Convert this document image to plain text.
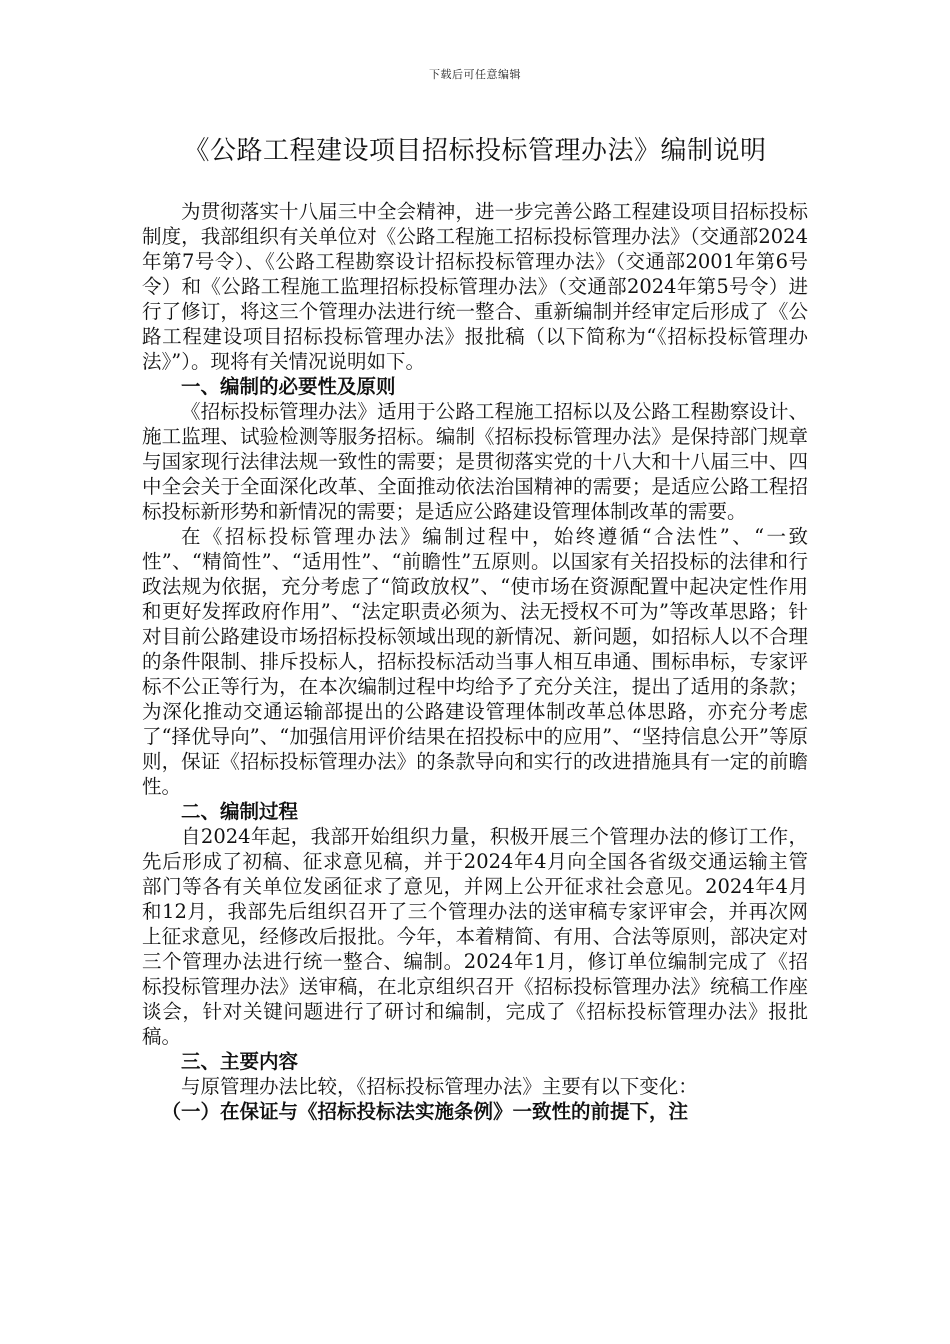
下载后可任意编辑
《公路工程建设项目招标投标管理办法》编制说明

为贯彻落实十八届三中全会精神，进一步完善公路工程建设项目招标投标制度，我部组织有关单位对《公路工程施工招标投标管理办法》（交通部2024年第7号令）、《公路工程勘察设计招标投标管理办法》（交通部2001年第6号令）和《公路工程施工监理招标投标管理办法》（交通部2024年第5号令）进行了修订，将这三个管理办法进行统一整合、重新编制并经审定后形成了《公路工程建设项目招标投标管理办法》报批稿（以下简称为“《招标投标管理办法》”）。现将有关情况说明如下。

一、编制的必要性及原则

《招标投标管理办法》适用于公路工程施工招标以及公路工程勘察设计、施工监理、试验检测等服务招标。编制《招标投标管理办法》是保持部门规章与国家现行法律法规一致性的需要；是贯彻落实党的十八大和十八届三中、四中全会关于全面深化改革、全面推动依法治国精神的需要；是适应公路工程招标投标新形势和新情况的需要；是适应公路建设管理体制改革的需要。

在《招标投标管理办法》编制过程中，始终遵循“合法性”、“一致性”、“精简性”、“适用性”、“前瞻性”五原则。以国家有关招投标的法律和行政法规为依据，充分考虑了“简政放权”、“使市场在资源配置中起决定性作用和更好发挥政府作用”、“法定职责必须为、法无授权不可为”等改革思路；针对目前公路建设市场招标投标领域出现的新情况、新问题，如招标人以不合理的条件限制、排斥投标人，招标投标活动当事人相互串通、围标串标，专家评标不公正等行为，在本次编制过程中均给予了充分关注，提出了适用的条款；为深化推动交通运输部提出的公路建设管理体制改革总体思路，亦充分考虑了“择优导向”、“加强信用评价结果在招投标中的应用”、“坚持信息公开”等原则，保证《招标投标管理办法》的条款导向和实行的改进措施具有一定的前瞻性。

二、编制过程

自2024年起，我部开始组织力量，积极开展三个管理办法的修订工作，先后形成了初稿、征求意见稿，并于2024年4月向全国各省级交通运输主管部门等各有关单位发函征求了意见，并网上公开征求社会意见。2024年4月和12月，我部先后组织召开了三个管理办法的送审稿专家评审会，并再次网上征求意见，经修改后报批。今年，本着精简、有用、合法等原则，部决定对三个管理办法进行统一整合、编制。2024年1月，修订单位编制完成了《招标投标管理办法》送审稿，在北京组织召开《招标投标管理办法》统稿工作座谈会，针对关键问题进行了研讨和编制，完成了《招标投标管理办法》报批稿。

三、主要内容

与原管理办法比较，《招标投标管理办法》主要有以下变化：

（一）在保证与《招标投标法实施条例》一致性的前提下，注
